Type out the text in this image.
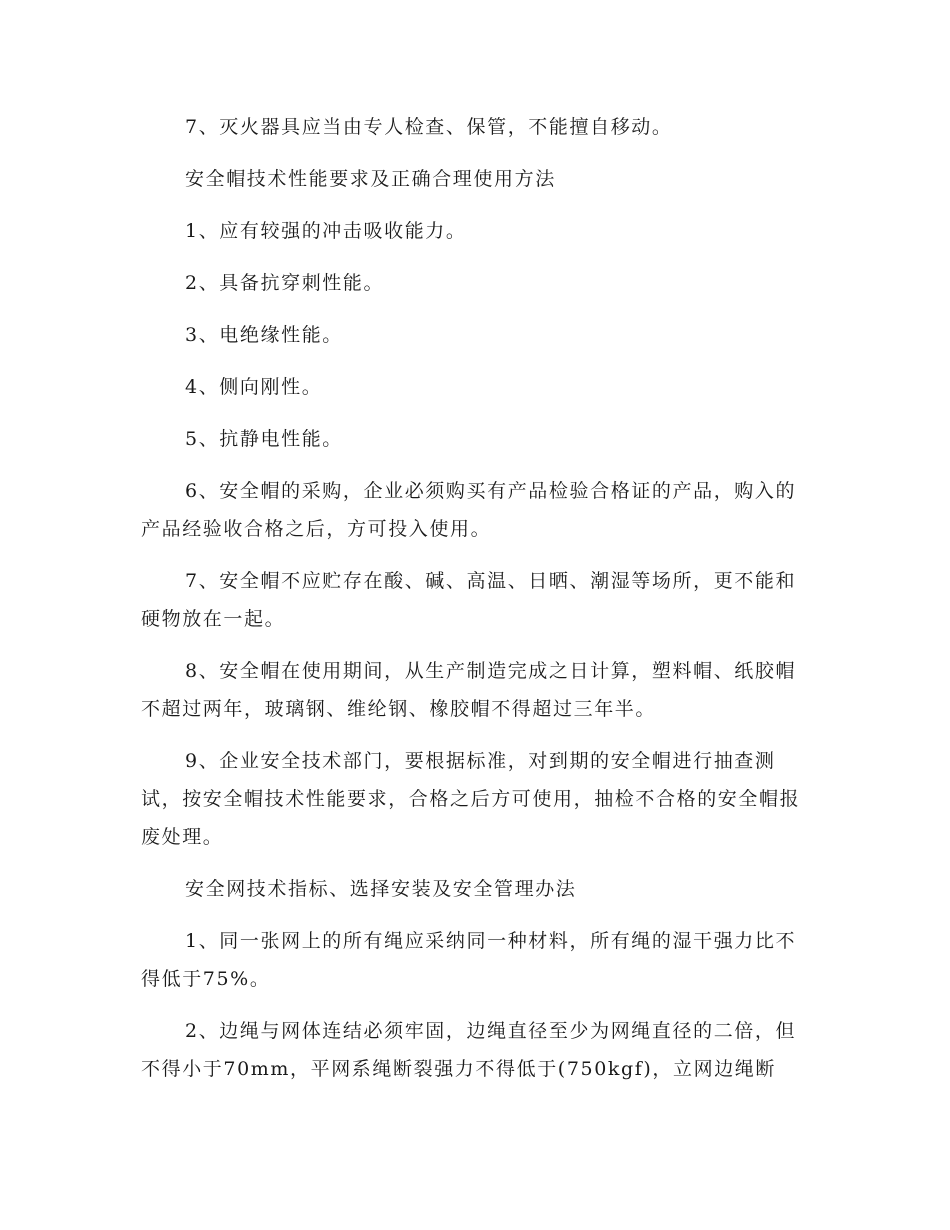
7、灭火器具应当由专人检查、保管，不能擅自移动。

安全帽技术性能要求及正确合理使用方法

1、应有较强的冲击吸收能力。

2、具备抗穿刺性能。

3、电绝缘性能。

4、侧向刚性。

5、抗静电性能。

6、安全帽的采购，企业必须购买有产品检验合格证的产品，购入的产品经验收合格之后，方可投入使用。

7、安全帽不应贮存在酸、碱、高温、日晒、潮湿等场所，更不能和硬物放在一起。

8、安全帽在使用期间，从生产制造完成之日计算，塑料帽、纸胶帽不超过两年，玻璃钢、维纶钢、橡胶帽不得超过三年半。

9、企业安全技术部门，要根据标准，对到期的安全帽进行抽查测试，按安全帽技术性能要求，合格之后方可使用，抽检不合格的安全帽报废处理。

安全网技术指标、选择安装及安全管理办法

1、同一张网上的所有绳应采纳同一种材料，所有绳的湿干强力比不得低于75%。

2、边绳与网体连结必须牢固，边绳直径至少为网绳直径的二倍，但不得小于70mm，平网系绳断裂强力不得低于(750kgf)，立网边绳断
